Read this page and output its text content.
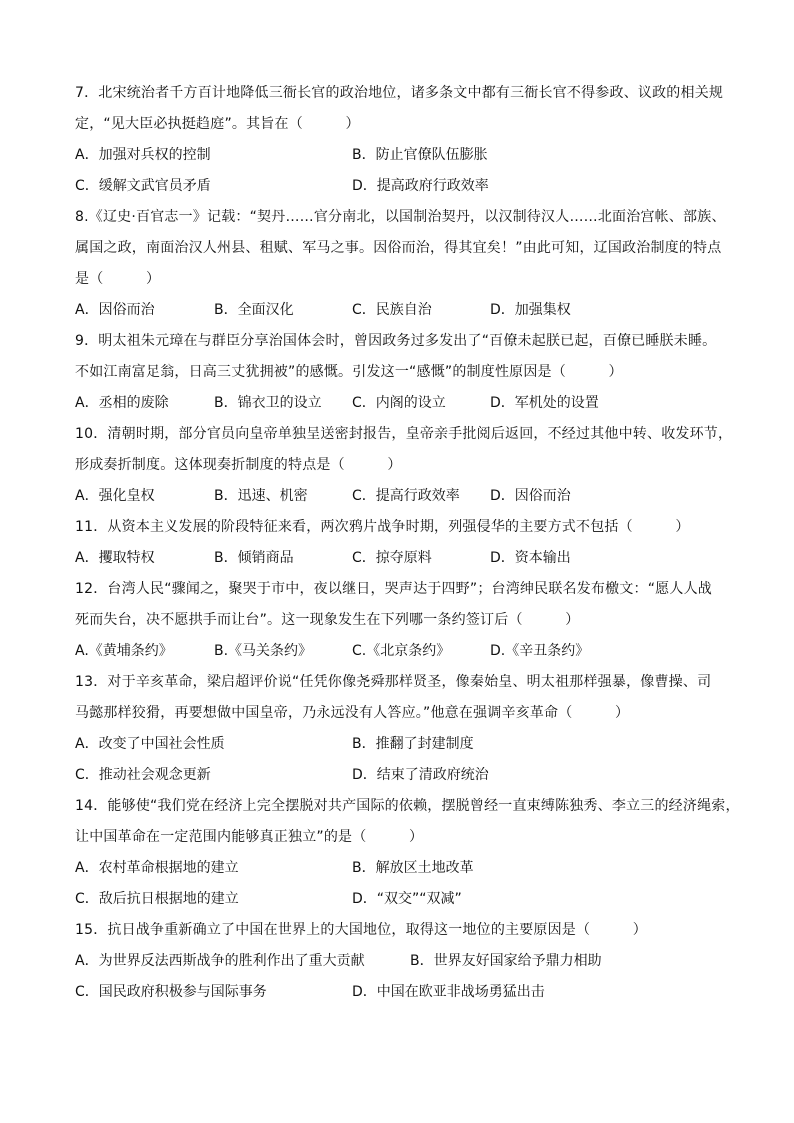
7．北宋统治者千方百计地降低三衙长官的政治地位，诸多条文中都有三衙长官不得参政、议政的相关规
定，“见大臣必执挺趋庭”。其旨在（　　　）
A．加强对兵权的控制	B．防止官僚队伍膨胀
C．缓解文武官员矛盾	D．提高政府行政效率
8.《辽史·百官志一》记载：“契丹……官分南北，以国制治契丹，以汉制待汉人……北面治宫帐、部族、
属国之政，南面治汉人州县、租赋、军马之事。因俗而治，得其宜矣！”由此可知，辽国政治制度的特点
是（　　　）
A．因俗而治	B．全面汉化	C．民族自治	D．加强集权
9．明太祖朱元璋在与群臣分享治国体会时，曾因政务过多发出了“百僚未起朕已起，百僚已睡朕未睡。
不如江南富足翁，日高三丈犹拥被”的感慨。引发这一“感慨”的制度性原因是（　　　）
A．丞相的废除	B．锦衣卫的设立 C．内阁的设立	D．军机处的设置
10．清朝时期，部分官员向皇帝单独呈送密封报告，皇帝亲手批阅后返回，不经过其他中转、收发环节，
形成奏折制度。这体现奏折制度的特点是（　　　）
A．强化皇权	B．迅速、机密	C．提高行政效率 D．因俗而治
11．从资本主义发展的阶段特征来看，两次鸦片战争时期，列强侵华的主要方式不包括（　　　）
A．攫取特权	B．倾销商品	C．掠夺原料	D．资本输出
12．台湾人民“骤闻之，聚哭于市中，夜以继日，哭声达于四野”；台湾绅民联名发布檄文：“愿人人战
死而失台，决不愿拱手而让台”。这一现象发生在下列哪一条约签订后（　　　）
A.《黄埔条约》	B.《马关条约》	C.《北京条约》	D.《辛丑条约》
13．对于辛亥革命，梁启超评价说“任凭你像尧舜那样贤圣，像秦始皇、明太祖那样强暴，像曹操、司
马懿那样狡猾，再要想做中国皇帝，乃永远没有人答应。”他意在强调辛亥革命（　　　）
A．改变了中国社会性质	B．推翻了封建制度
C．推动社会观念更新	D．结束了清政府统治
14．能够使“我们党在经济上完全摆脱对共产国际的依赖，摆脱曾经一直束缚陈独秀、李立三的经济绳索，
让中国革命在一定范围内能够真正独立”的是（　　　）
A．农村革命根据地的建立	B．解放区土地改革
C．敌后抗日根据地的建立	D．“双交”“双减”
15．抗日战争重新确立了中国在世界上的大国地位，取得这一地位的主要原因是（　　　）
A．为世界反法西斯战争的胜利作出了重大贡献	B．世界友好国家给予鼎力相助
C．国民政府积极参与国际事务	D．中国在欧亚非战场勇猛出击
